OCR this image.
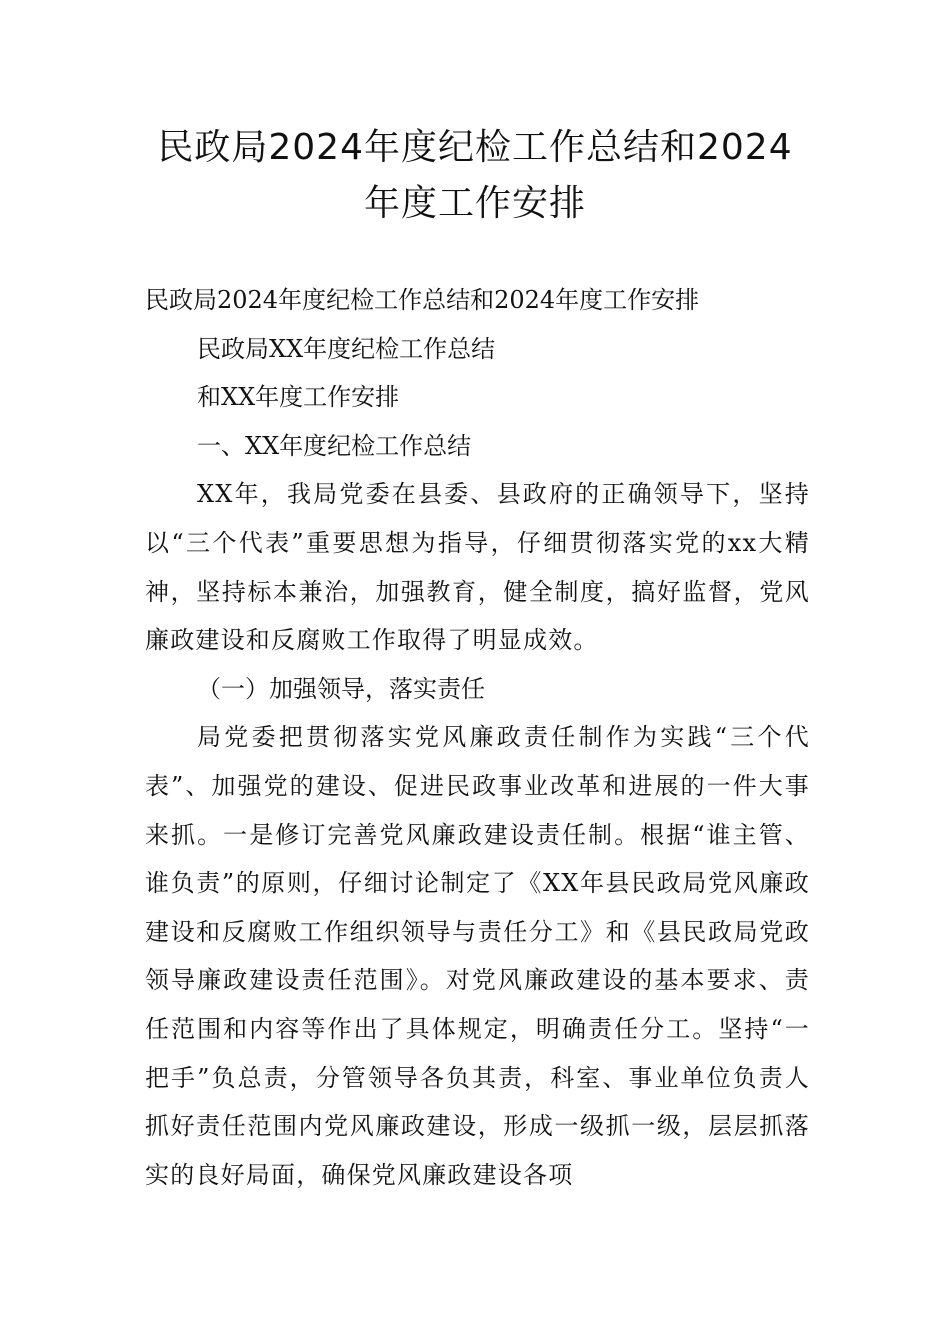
民政局2024年度纪检工作总结和2024
年度工作安排
民政局2024年度纪检工作总结和2024年度工作安排
民政局XX年度纪检工作总结
和XX年度工作安排
一、XX年度纪检工作总结
XX年，我局党委在县委、县政府的正确领导下，坚持以“三个代表”重要思想为指导，仔细贯彻落实党的xx大精神，坚持标本兼治，加强教育，健全制度，搞好监督，党风廉政建设和反腐败工作取得了明显成效。
（一）加强领导，落实责任
局党委把贯彻落实党风廉政责任制作为实践“三个代表”、加强党的建设、促进民政事业改革和进展的一件大事来抓。一是修订完善党风廉政建设责任制。根据“谁主管、谁负责”的原则，仔细讨论制定了《XX年县民政局党风廉政建设和反腐败工作组织领导与责任分工》和《县民政局党政领导廉政建设责任范围》。对党风廉政建设的基本要求、责任范围和内容等作出了具体规定，明确责任分工。坚持“一把手”负总责，分管领导各负其责，科室、事业单位负责人抓好责任范围内党风廉政建设，形成一级抓一级，层层抓落实的良好局面，确保党风廉政建设各项
